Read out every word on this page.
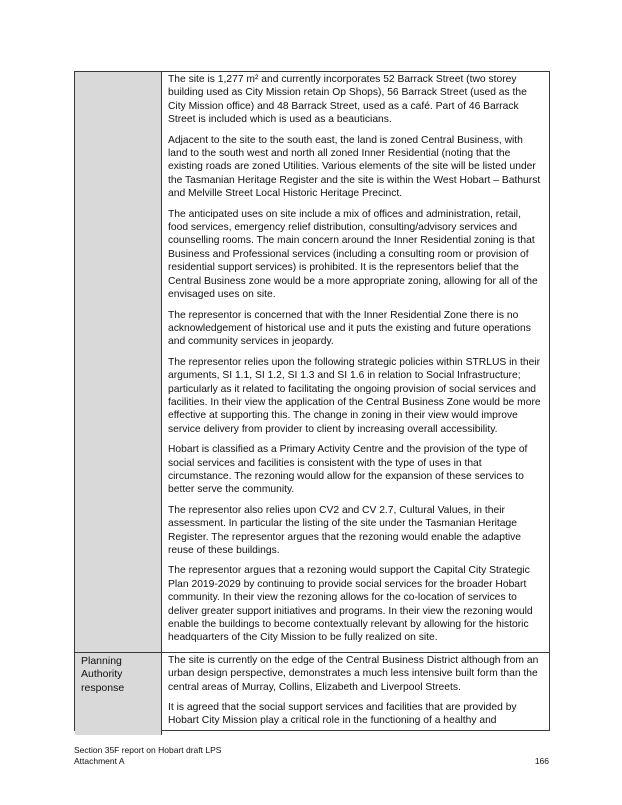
The site is 1,277 m² and currently incorporates 52 Barrack Street (two storey building used as City Mission retain Op Shops), 56 Barrack Street (used as the City Mission office) and 48 Barrack Street, used as a café. Part of 46 Barrack Street is included which is used as a beauticians.

Adjacent to the site to the south east, the land is zoned Central Business, with land to the south west and north all zoned Inner Residential (noting that the existing roads are zoned Utilities. Various elements of the site will be listed under the Tasmanian Heritage Register and the site is within the West Hobart – Bathurst and Melville Street Local Historic Heritage Precinct.

The anticipated uses on site include a mix of offices and administration, retail, food services, emergency relief distribution, consulting/advisory services and counselling rooms. The main concern around the Inner Residential zoning is that Business and Professional services (including a consulting room or provision of residential support services) is prohibited. It is the representors belief that the Central Business zone would be a more appropriate zoning, allowing for all of the envisaged uses on site.

The representor is concerned that with the Inner Residential Zone there is no acknowledgement of historical use and it puts the existing and future operations and community services in jeopardy.

The representor relies upon the following strategic policies within STRLUS in their arguments, SI 1.1, SI 1.2, SI 1.3 and SI 1.6 in relation to Social Infrastructure; particularly as it related to facilitating the ongoing provision of social services and facilities. In their view the application of the Central Business Zone would be more effective at supporting this. The change in zoning in their view would improve service delivery from provider to client by increasing overall accessibility.

Hobart is classified as a Primary Activity Centre and the provision of the type of social services and facilities is consistent with the type of uses in that circumstance. The rezoning would allow for the expansion of these services to better serve the community.

The representor also relies upon CV2 and CV 2.7, Cultural Values, in their assessment. In particular the listing of the site under the Tasmanian Heritage Register. The representor argues that the rezoning would enable the adaptive reuse of these buildings.

The representor argues that a rezoning would support the Capital City Strategic Plan 2019-2029 by continuing to provide social services for the broader Hobart community. In their view the rezoning allows for the co-location of services to deliver greater support initiatives and programs. In their view the rezoning would enable the buildings to become contextually relevant by allowing for the historic headquarters of the City Mission to be fully realized on site.

Planning Authority response

The site is currently on the edge of the Central Business District although from an urban design perspective, demonstrates a much less intensive built form than the central areas of Murray, Collins, Elizabeth and Liverpool Streets.

It is agreed that the social support services and facilities that are provided by Hobart City Mission play a critical role in the functioning of a healthy and

Section 35F report on Hobart draft LPS
Attachment A	166
